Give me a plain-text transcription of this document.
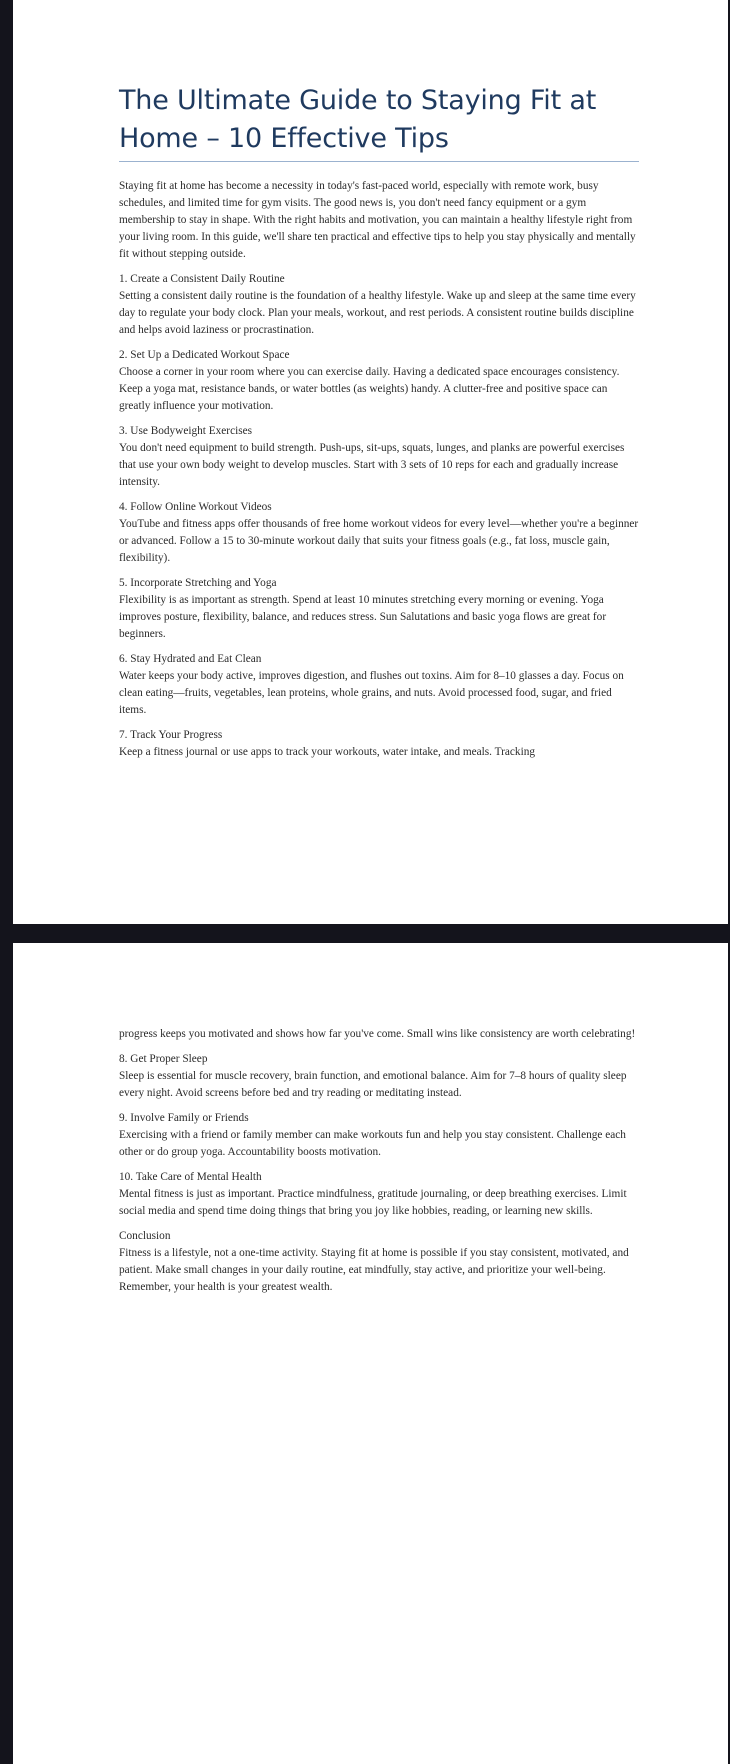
The Ultimate Guide to Staying Fit at Home – 10 Effective Tips

Staying fit at home has become a necessity in today's fast-paced world, especially with remote work, busy schedules, and limited time for gym visits. The good news is, you don't need fancy equipment or a gym membership to stay in shape. With the right habits and motivation, you can maintain a healthy lifestyle right from your living room. In this guide, we'll share ten practical and effective tips to help you stay physically and mentally fit without stepping outside.

1. Create a Consistent Daily Routine

Setting a consistent daily routine is the foundation of a healthy lifestyle. Wake up and sleep at the same time every day to regulate your body clock. Plan your meals, workout, and rest periods. A consistent routine builds discipline and helps avoid laziness or procrastination.

2. Set Up a Dedicated Workout Space

Choose a corner in your room where you can exercise daily. Having a dedicated space encourages consistency. Keep a yoga mat, resistance bands, or water bottles (as weights) handy. A clutter-free and positive space can greatly influence your motivation.

3. Use Bodyweight Exercises

You don't need equipment to build strength. Push-ups, sit-ups, squats, lunges, and planks are powerful exercises that use your own body weight to develop muscles. Start with 3 sets of 10 reps for each and gradually increase intensity.

4. Follow Online Workout Videos

YouTube and fitness apps offer thousands of free home workout videos for every level—whether you're a beginner or advanced. Follow a 15 to 30-minute workout daily that suits your fitness goals (e.g., fat loss, muscle gain, flexibility).

5. Incorporate Stretching and Yoga

Flexibility is as important as strength. Spend at least 10 minutes stretching every morning or evening. Yoga improves posture, flexibility, balance, and reduces stress. Sun Salutations and basic yoga flows are great for beginners.

6. Stay Hydrated and Eat Clean

Water keeps your body active, improves digestion, and flushes out toxins. Aim for 8–10 glasses a day. Focus on clean eating—fruits, vegetables, lean proteins, whole grains, and nuts. Avoid processed food, sugar, and fried items.

7. Track Your Progress

Keep a fitness journal or use apps to track your workouts, water intake, and meals. Tracking

progress keeps you motivated and shows how far you've come. Small wins like consistency are worth celebrating!

8. Get Proper Sleep

Sleep is essential for muscle recovery, brain function, and emotional balance. Aim for 7–8 hours of quality sleep every night. Avoid screens before bed and try reading or meditating instead.

9. Involve Family or Friends

Exercising with a friend or family member can make workouts fun and help you stay consistent. Challenge each other or do group yoga. Accountability boosts motivation.

10. Take Care of Mental Health

Mental fitness is just as important. Practice mindfulness, gratitude journaling, or deep breathing exercises. Limit social media and spend time doing things that bring you joy like hobbies, reading, or learning new skills.

Conclusion

Fitness is a lifestyle, not a one-time activity. Staying fit at home is possible if you stay consistent, motivated, and patient. Make small changes in your daily routine, eat mindfully, stay active, and prioritize your well-being. Remember, your health is your greatest wealth.
